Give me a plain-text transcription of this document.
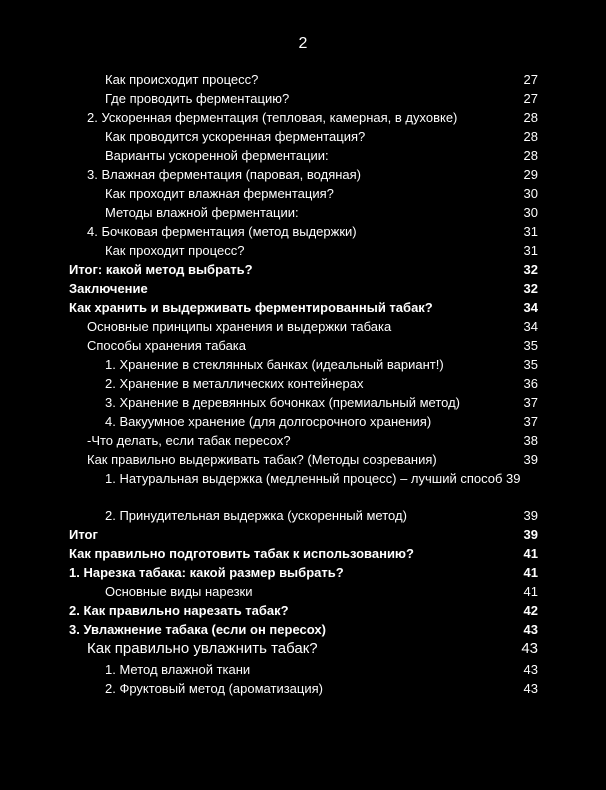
2
Как происходит процесс?	27
Где проводить ферментацию?	27
2. Ускоренная ферментация (тепловая, камерная, в духовке)	28
Как проводится ускоренная ферментация?	28
Варианты ускоренной ферментации:	28
3. Влажная ферментация (паровая, водяная)	29
Как проходит влажная ферментация?	30
Методы влажной ферментации:	30
4. Бочковая ферментация (метод выдержки)	31
Как проходит процесс?	31
Итог: какой метод выбрать?	32
Заключение	32
Как хранить и выдерживать ферментированный табак?	34
Основные принципы хранения и выдержки табака	34
Способы хранения табака	35
1. Хранение в стеклянных банках (идеальный вариант!)	35
2. Хранение в металлических контейнерах	36
3. Хранение в деревянных бочонках (премиальный метод)	37
4. Вакуумное хранение (для долгосрочного хранения)	37
-Что делать, если табак пересох?	38
Как правильно выдерживать табак? (Методы созревания)	39
1. Натуральная выдержка (медленный процесс) – лучший способ 39
2. Принудительная выдержка (ускоренный метод)	39
Итог	39
Как правильно подготовить табак к использованию?	41
1. Нарезка табака: какой размер выбрать?	41
Основные виды нарезки	41
2. Как правильно нарезать табак?	42
3. Увлажнение табака (если он пересох)	43
Как правильно увлажнить табак?	43
1. Метод влажной ткани	43
2. Фруктовый метод (ароматизация)	43
